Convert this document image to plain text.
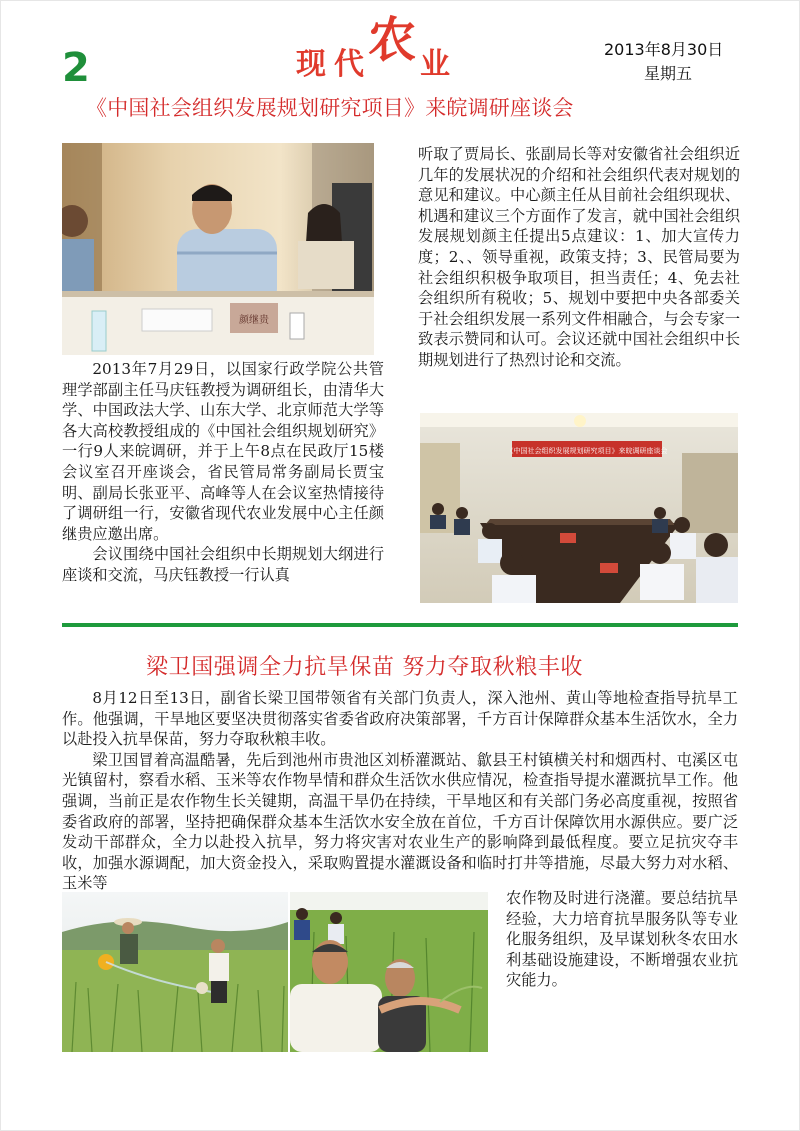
2	现 代农 业	2013年8月30日
星期五
《中国社会组织发展规划研究项目》来皖调研座谈会
颜继贵

听取了贾局长、张副局长等对安徽省社会组织近几年的发展状况的介绍和社会组织代表对规划的意见和建议。中心颜主任从目前社会组织现状、机遇和建议三个方面作了发言，就中国社会组织发展规划颜主任提出5点建议：1、加大宣传力度；2、、领导重视，政策支持；3、民管局要为社会组织积极争取项目，担当责任；4、免去社会组织所有税收；5、规划中要把中央各部委关于社会组织发展一系列文件相融合，与会专家一致表示赞同和认可。会议还就中国社会组织中长期规划进行了热烈讨论和交流。

2013年7月29日，以国家行政学院公共管理学部副主任马庆钰教授为调研组长，由清华大学、中国政法大学、山东大学、北京师范大学等各大高校教授组成的《中国社会组织规划研究》一行9人来皖调研，并于上午8点在民政厅15楼会议室召开座谈会，省民管局常务副局长贾宝明、副局长张亚平、高峰等人在会议室热情接待了调研组一行，安徽省现代农业发展中心主任颜继贵应邀出席。

会议围绕中国社会组织中长期规划大纲进行座谈和交流，马庆钰教授一行认真

《中国社会组织发展规划研究项目》来皖调研座谈会
梁卫国强调全力抗旱保苗 努力夺取秋粮丰收

8月12日至13日，副省长梁卫国带领省有关部门负责人，深入池州、黄山等地检查指导抗旱工作。他强调，干旱地区要坚决贯彻落实省委省政府决策部署，千方百计保障群众基本生活饮水，全力以赴投入抗旱保苗，努力夺取秋粮丰收。

梁卫国冒着高温酷暑，先后到池州市贵池区刘桥灌溉站、歙县王村镇横关村和烟西村、屯溪区屯光镇留村，察看水稻、玉米等农作物旱情和群众生活饮水供应情况，检查指导提水灌溉抗旱工作。他强调，当前正是农作物生长关键期，高温干旱仍在持续，干旱地区和有关部门务必高度重视，按照省委省政府的部署，坚持把确保群众基本生活饮水安全放在首位，千方百计保障饮用水源供应。要广泛发动干部群众，全力以赴投入抗旱，努力将灾害对农业生产的影响降到最低程度。要立足抗灾夺丰收，加强水源调配，加大资金投入，采取购置提水灌溉设备和临时打井等措施，尽最大努力对水稻、玉米等

农作物及时进行浇灌。要总结抗旱经验，大力培育抗旱服务队等专业化服务组织，及早谋划秋冬农田水利基础设施建设，不断增强农业抗灾能力。
